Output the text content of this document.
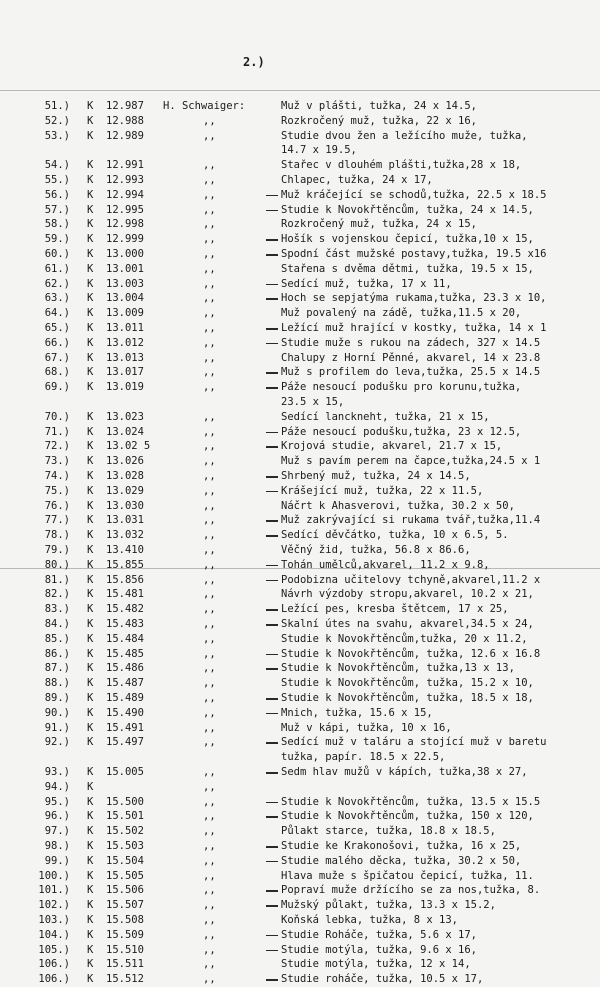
2.)
51.) K 12.987 H. Schwaiger:	Muž v plášti, tužka, 24 x 14.5,
52.) K 12.988	,,	Rozkročený muž, tužka, 22 x 16,
53.) K 12.989	,,	Studie dvou žen a ležícího muže, tužka,
14.7 x 19.5,
54.) K 12.991	,,	Stařec v dlouhém plášti,tužka,28 x 18,
55.) K 12.993	,,	Chlapec, tužka, 24 x 17,
56.) K 12.994	,,	Muž kráčející se schodů,tužka, 22.5 x 18.5
57.) K 12.995	,,	Studie k Novokřtěncům, tužka, 24 x 14.5,
58.) K 12.998	,,	Rozkročený muž, tužka, 24 x 15,
59.) K 12.999	,,	Hošík s vojenskou čepicí, tužka,10 x 15,
60.) K 13.000	,,	Spodní část mužské postavy,tužka, 19.5 x16
61.) K 13.001	,,	Stařena s dvěma dětmi, tužka, 19.5 x 15,
62.) K 13.003	,,	Sedící muž, tužka, 17 x 11,
63.) K 13.004	,,	Hoch se sepjatýma rukama,tužka, 23.3 x 10,
64.) K 13.009	,,	Muž povalený na zádě, tužka,11.5 x 20,
65.) K 13.011	,,	Ležící muž hrající v kostky, tužka, 14 x 1
66.) K 13.012	,,	Studie muže s rukou na zádech, 327 x 14.5
67.) K 13.013	,,	Chalupy z Horní Pěnné, akvarel, 14 x 23.8
68.) K 13.017	,,	Muž s profilem do leva,tužka, 25.5 x 14.5
69.) K 13.019	,,	Páže nesoucí podušku pro korunu,tužka,
23.5 x 15,
70.) K 13.023	,,	Sedící lanckneht, tužka, 21 x 15,
71.) K 13.024	,,	Páže nesoucí podušku,tužka, 23 x 12.5,
72.) K 13.02 5	,,	Krojová studie, akvarel, 21.7 x 15,
73.) K 13.026	,,	Muž s pavím perem na čapce,tužka,24.5 x 1
74.) K 13.028	,,	Shrbený muž, tužka, 24 x 14.5,
75.) K 13.029	,,	Krášející muž, tužka, 22 x 11.5,
76.) K 13.030	,,	Náčrt k Ahasverovi, tužka, 30.2 x 50,
77.) K 13.031	,,	Muž zakrývající si rukama tvář,tužka,11.4
78.) K 13.032	,,	Sedící děvčátko, tužka, 10 x 6.5, 5.
79.) K 13.410	,,	Věčný žid, tužka, 56.8 x 86.6,
80.) K 15.855	,,	Tohán umělců,akvarel, 11.2 x 9.8,
81.) K 15.856	,,	Podobizna učitelovy tchyně,akvarel,11.2 x
82.) K 15.481	,,	Návrh výzdoby stropu,akvarel, 10.2 x 21,
83.) K 15.482	,,	Ležící pes, kresba štětcem, 17 x 25,
84.) K 15.483	,,	Skalní útes na svahu, akvarel,34.5 x 24,
85.) K 15.484	,,	Studie k Novokřtěncům,tužka, 20 x 11.2,
86.) K 15.485	,,	Studie k Novokřtěncům, tužka, 12.6 x 16.8
87.) K 15.486	,,	Studie k Novokřtěncům, tužka,13 x 13,
88.) K 15.487	,,	Studie k Novokřtěncům, tužka, 15.2 x 10,
89.) K 15.489	,,	Studie k Novokřtěncům, tužka, 18.5 x 18,
90.) K 15.490	,,	Mnich, tužka, 15.6 x 15,
91.) K 15.491	,,	Muž v kápi, tužka, 10 x 16,
92.) K 15.497	,,	Sedící muž v taláru a stojící muž v baretu
tužka, papír. 18.5 x 22.5,
93.) K 15.005	,,	Sedm hlav mužů v kápích, tužka,38 x 27,
94.) K	,,
95.) K 15.500	,,	Studie k Novokřtěncům, tužka, 13.5 x 15.5
96.) K 15.501	,,	Studie k Novokřtěncům, tužka, 150 x 120,
97.) K 15.502	,,	Půlakt starce, tužka, 18.8 x 18.5,
98.) K 15.503	,,	Studie ke Krakonošovi, tužka, 16 x 25,
99.) K 15.504	,,	Studie malého děcka, tužka, 30.2 x 50,
100.) K 15.505	,,	Hlava muže s špičatou čepicí, tužka, 11.
101.) K 15.506	,,	Popraví muže držícího se za nos,tužka, 8.
102.) K 15.507	,,	Mužský půlakt, tužka, 13.3 x 15.2,
103.) K 15.508	,,	Koňská lebka, tužka, 8 x 13,
104.) K 15.509	,,	Studie Roháče, tužka, 5.6 x 17,
105.) K 15.510	,,	Studie motýla, tužka, 9.6 x 16,
106.) K 15.511	,,	Studie motýla, tužka, 12 x 14,
106.) K 15.512	,,	Studie roháče, tužka, 10.5 x 17,
